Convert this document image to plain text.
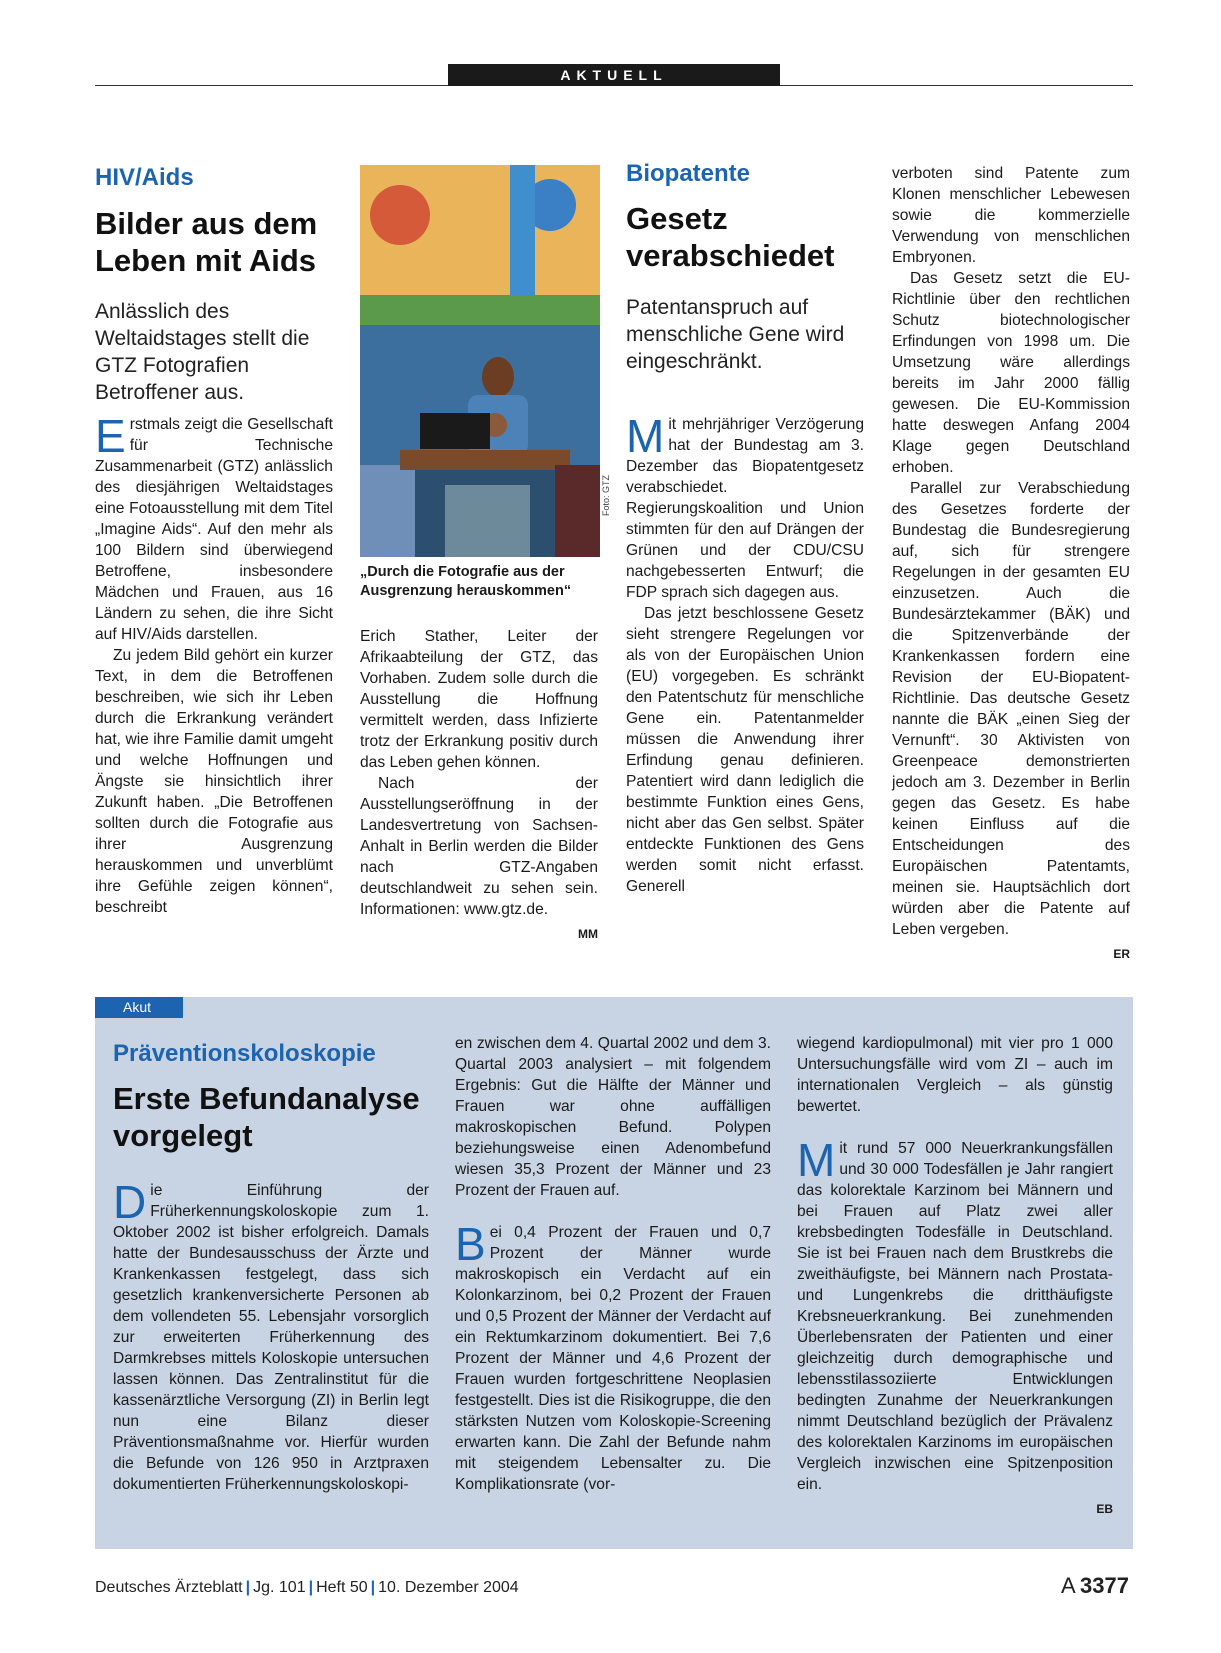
AKTUELL
HIV/Aids
Bilder aus dem Leben mit Aids
Anlässlich des Weltaidstages stellt die GTZ Fotografien Betroffener aus.

Erstmals zeigt die Gesellschaft für Technische Zusammenarbeit (GTZ) anlässlich des diesjährigen Weltaidstages eine Fotoausstellung mit dem Titel „Imagine Aids“. Auf den mehr als 100 Bildern sind überwiegend Betroffene, insbesondere Mädchen und Frauen, aus 16 Ländern zu sehen, die ihre Sicht auf HIV/Aids darstellen.

Zu jedem Bild gehört ein kurzer Text, in dem die Betroffenen beschreiben, wie sich ihr Leben durch die Erkrankung verändert hat, wie ihre Familie damit umgeht und welche Hoffnungen und Ängste sie hinsichtlich ihrer Zukunft haben. „Die Betroffenen sollten durch die Fotografie aus ihrer Ausgrenzung herauskommen und unverblümt ihre Gefühle zeigen können“, beschreibt

Foto: GTZ
„Durch die Fotografie aus der Ausgrenzung herauskommen“

Erich Stather, Leiter der Afrikaabteilung der GTZ, das Vorhaben. Zudem solle durch die Ausstellung die Hoffnung vermittelt werden, dass Infizierte trotz der Erkrankung positiv durch das Leben gehen können.

Nach der Ausstellungseröffnung in der Landesvertretung von Sachsen-Anhalt in Berlin werden die Bilder nach GTZ-Angaben deutschlandweit zu sehen sein. Informationen: www.gtz.de.

MM
Biopatente
Gesetz verabschiedet
Patentanspruch auf menschliche Gene wird eingeschränkt.

Mit mehrjähriger Verzögerung hat der Bundestag am 3. Dezember das Biopatentgesetz verabschiedet. Regierungskoalition und Union stimmten für den auf Drängen der Grünen und der CDU/CSU nachgebesserten Entwurf; die FDP sprach sich dagegen aus.

Das jetzt beschlossene Gesetz sieht strengere Regelungen vor als von der Europäischen Union (EU) vorgegeben. Es schränkt den Patentschutz für menschliche Gene ein. Patentanmelder müssen die Anwendung ihrer Erfindung genau definieren. Patentiert wird dann lediglich die bestimmte Funktion eines Gens, nicht aber das Gen selbst. Später entdeckte Funktionen des Gens werden somit nicht erfasst. Generell

verboten sind Patente zum Klonen menschlicher Lebewesen sowie die kommerzielle Verwendung von menschlichen Embryonen.

Das Gesetz setzt die EU-Richtlinie über den rechtlichen Schutz biotechnologischer Erfindungen von 1998 um. Die Umsetzung wäre allerdings bereits im Jahr 2000 fällig gewesen. Die EU-Kommission hatte deswegen Anfang 2004 Klage gegen Deutschland erhoben.

Parallel zur Verabschiedung des Gesetzes forderte der Bundestag die Bundesregierung auf, sich für strengere Regelungen in der gesamten EU einzusetzen. Auch die Bundesärztekammer (BÄK) und die Spitzenverbände der Krankenkassen fordern eine Revision der EU-Biopatent-Richtlinie. Das deutsche Gesetz nannte die BÄK „einen Sieg der Vernunft“. 30 Aktivisten von Greenpeace demonstrierten jedoch am 3. Dezember in Berlin gegen das Gesetz. Es habe keinen Einfluss auf die Entscheidungen des Europäischen Patentamts, meinen sie. Hauptsächlich dort würden aber die Patente auf Leben vergeben.

ER
Akut
Präventionskoloskopie
Erste Befundanalyse vorgelegt

Die Einführung der Früherkennungskoloskopie zum 1. Oktober 2002 ist bisher erfolgreich. Damals hatte der Bundesausschuss der Ärzte und Krankenkassen festgelegt, dass sich gesetzlich krankenversicherte Personen ab dem vollendeten 55. Lebensjahr vorsorglich zur erweiterten Früherkennung des Darmkrebses mittels Koloskopie untersuchen lassen können. Das Zentralinstitut für die kassenärztliche Versorgung (ZI) in Berlin legt nun eine Bilanz dieser Präventionsmaßnahme vor. Hierfür wurden die Befunde von 126 950 in Arztpraxen dokumentierten Früherkennungskoloskopi-

en zwischen dem 4. Quartal 2002 und dem 3. Quartal 2003 analysiert – mit folgendem Ergebnis: Gut die Hälfte der Männer und Frauen war ohne auffälligen makroskopischen Befund. Polypen beziehungsweise einen Adenombefund wiesen 35,3 Prozent der Männer und 23 Prozent der Frauen auf.

Bei 0,4 Prozent der Frauen und 0,7 Prozent der Männer wurde makroskopisch ein Verdacht auf ein Kolonkarzinom, bei 0,2 Prozent der Frauen und 0,5 Prozent der Männer der Verdacht auf ein Rektumkarzinom dokumentiert. Bei 7,6 Prozent der Männer und 4,6 Prozent der Frauen wurden fortgeschrittene Neoplasien festgestellt. Dies ist die Risikogruppe, die den stärksten Nutzen vom Koloskopie-Screening erwarten kann. Die Zahl der Befunde nahm mit steigendem Lebensalter zu. Die Komplikationsrate (vor-

wiegend kardiopulmonal) mit vier pro 1 000 Untersuchungsfälle wird vom ZI – auch im internationalen Vergleich – als günstig bewertet.

Mit rund 57 000 Neuerkrankungsfällen und 30 000 Todesfällen je Jahr rangiert das kolorektale Karzinom bei Männern und bei Frauen auf Platz zwei aller krebsbedingten Todesfälle in Deutschland. Sie ist bei Frauen nach dem Brustkrebs die zweithäufigste, bei Männern nach Prostata- und Lungenkrebs die dritthäufigste Krebsneuerkrankung. Bei zunehmenden Überlebensraten der Patienten und einer gleichzeitig durch demographische und lebensstilassoziierte Entwicklungen bedingten Zunahme der Neuerkrankungen nimmt Deutschland bezüglich der Prävalenz des kolorektalen Karzinoms im europäischen Vergleich inzwischen eine Spitzenposition ein.

EB
Deutsches Ärzteblatt | Jg. 101 | Heft 50 | 10. Dezember 2004	A  3377
